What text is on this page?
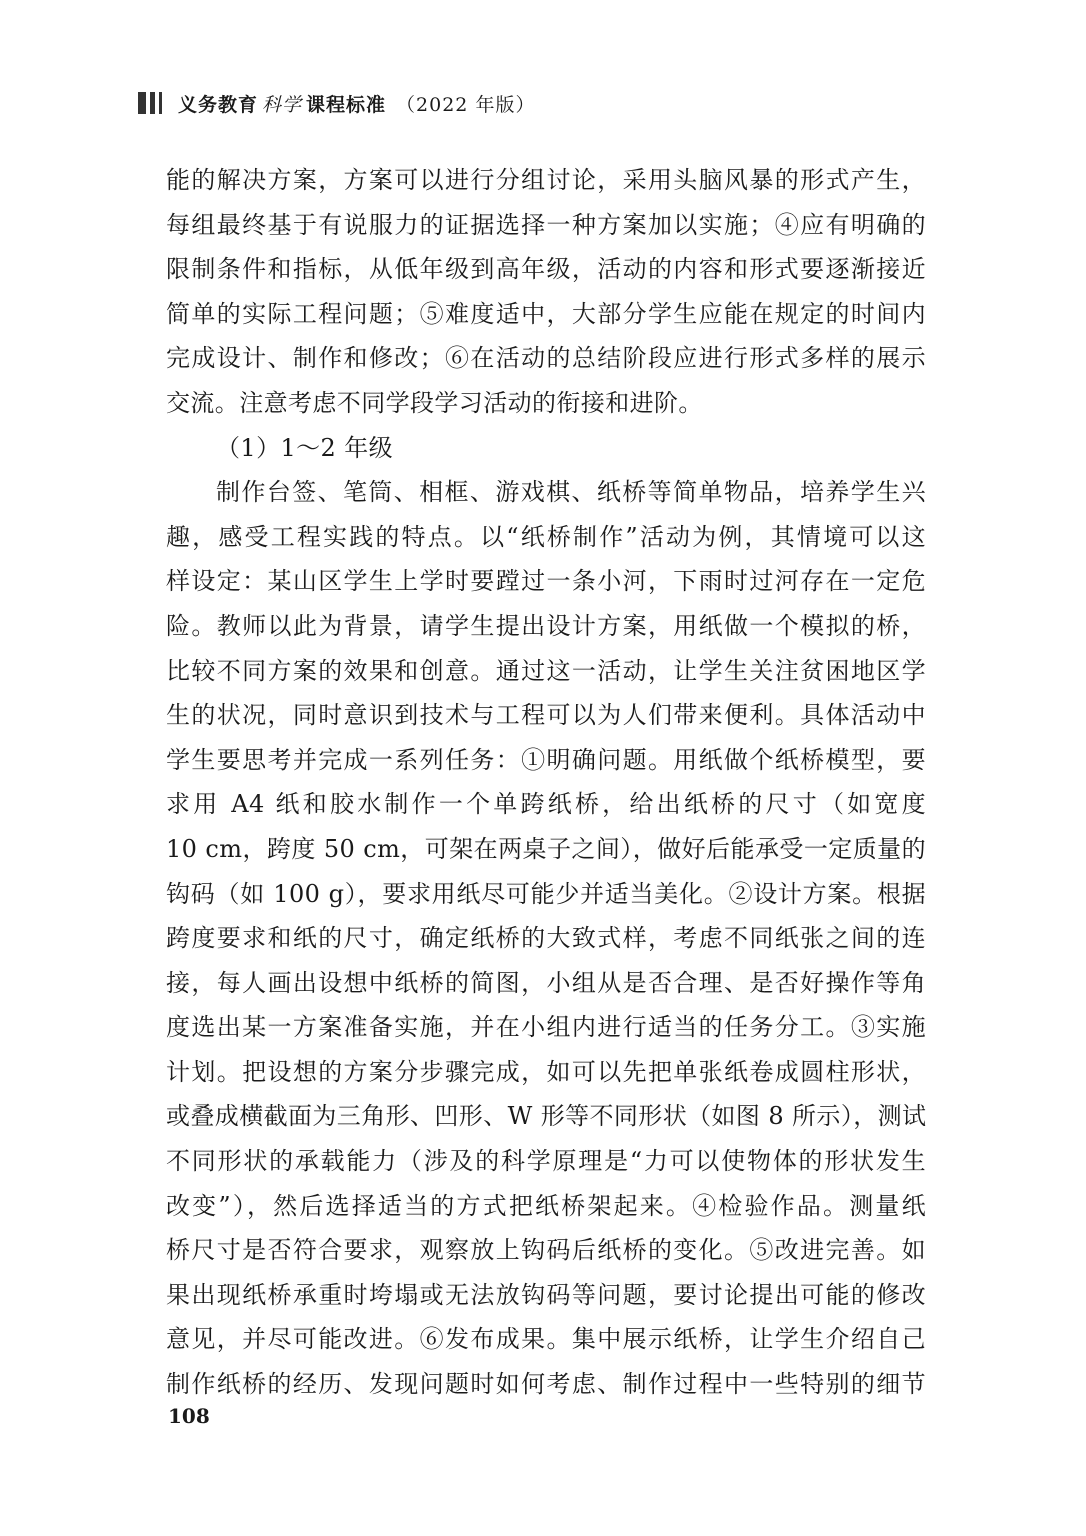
义务教育 科学 课程标准 （2022 年版）
能的解决方案，方案可以进行分组讨论，采用头脑风暴的形式产生，
每组最终基于有说服力的证据选择一种方案加以实施；④应有明确的
限制条件和指标，从低年级到高年级，活动的内容和形式要逐渐接近
简单的实际工程问题；⑤难度适中，大部分学生应能在规定的时间内
完成设计、制作和修改；⑥在活动的总结阶段应进行形式多样的展示
交流。注意考虑不同学段学习活动的衔接和进阶。
（1）1～2 年级
制作台签、笔筒、相框、游戏棋、纸桥等简单物品，培养学生兴
趣，感受工程实践的特点。以“纸桥制作”活动为例，其情境可以这
样设定：某山区学生上学时要蹚过一条小河，下雨时过河存在一定危
险。教师以此为背景，请学生提出设计方案，用纸做一个模拟的桥，
比较不同方案的效果和创意。通过这一活动，让学生关注贫困地区学
生的状况，同时意识到技术与工程可以为人们带来便利。具体活动中
学生要思考并完成一系列任务：①明确问题。用纸做个纸桥模型，要
求用 A4 纸和胶水制作一个单跨纸桥，给出纸桥的尺寸（如宽度
10 cm，跨度 50 cm，可架在两桌子之间），做好后能承受一定质量的
钩码（如 100 g），要求用纸尽可能少并适当美化。②设计方案。根据
跨度要求和纸的尺寸，确定纸桥的大致式样，考虑不同纸张之间的连
接，每人画出设想中纸桥的简图，小组从是否合理、是否好操作等角
度选出某一方案准备实施，并在小组内进行适当的任务分工。③实施
计划。把设想的方案分步骤完成，如可以先把单张纸卷成圆柱形状，
或叠成横截面为三角形、凹形、W 形等不同形状（如图 8 所示），测试
不同形状的承载能力（涉及的科学原理是“力可以使物体的形状发生
改变”），然后选择适当的方式把纸桥架起来。④检验作品。测量纸
桥尺寸是否符合要求，观察放上钩码后纸桥的变化。⑤改进完善。如
果出现纸桥承重时垮塌或无法放钩码等问题，要讨论提出可能的修改
意见，并尽可能改进。⑥发布成果。集中展示纸桥，让学生介绍自己
制作纸桥的经历、发现问题时如何考虑、制作过程中一些特别的细节
108
